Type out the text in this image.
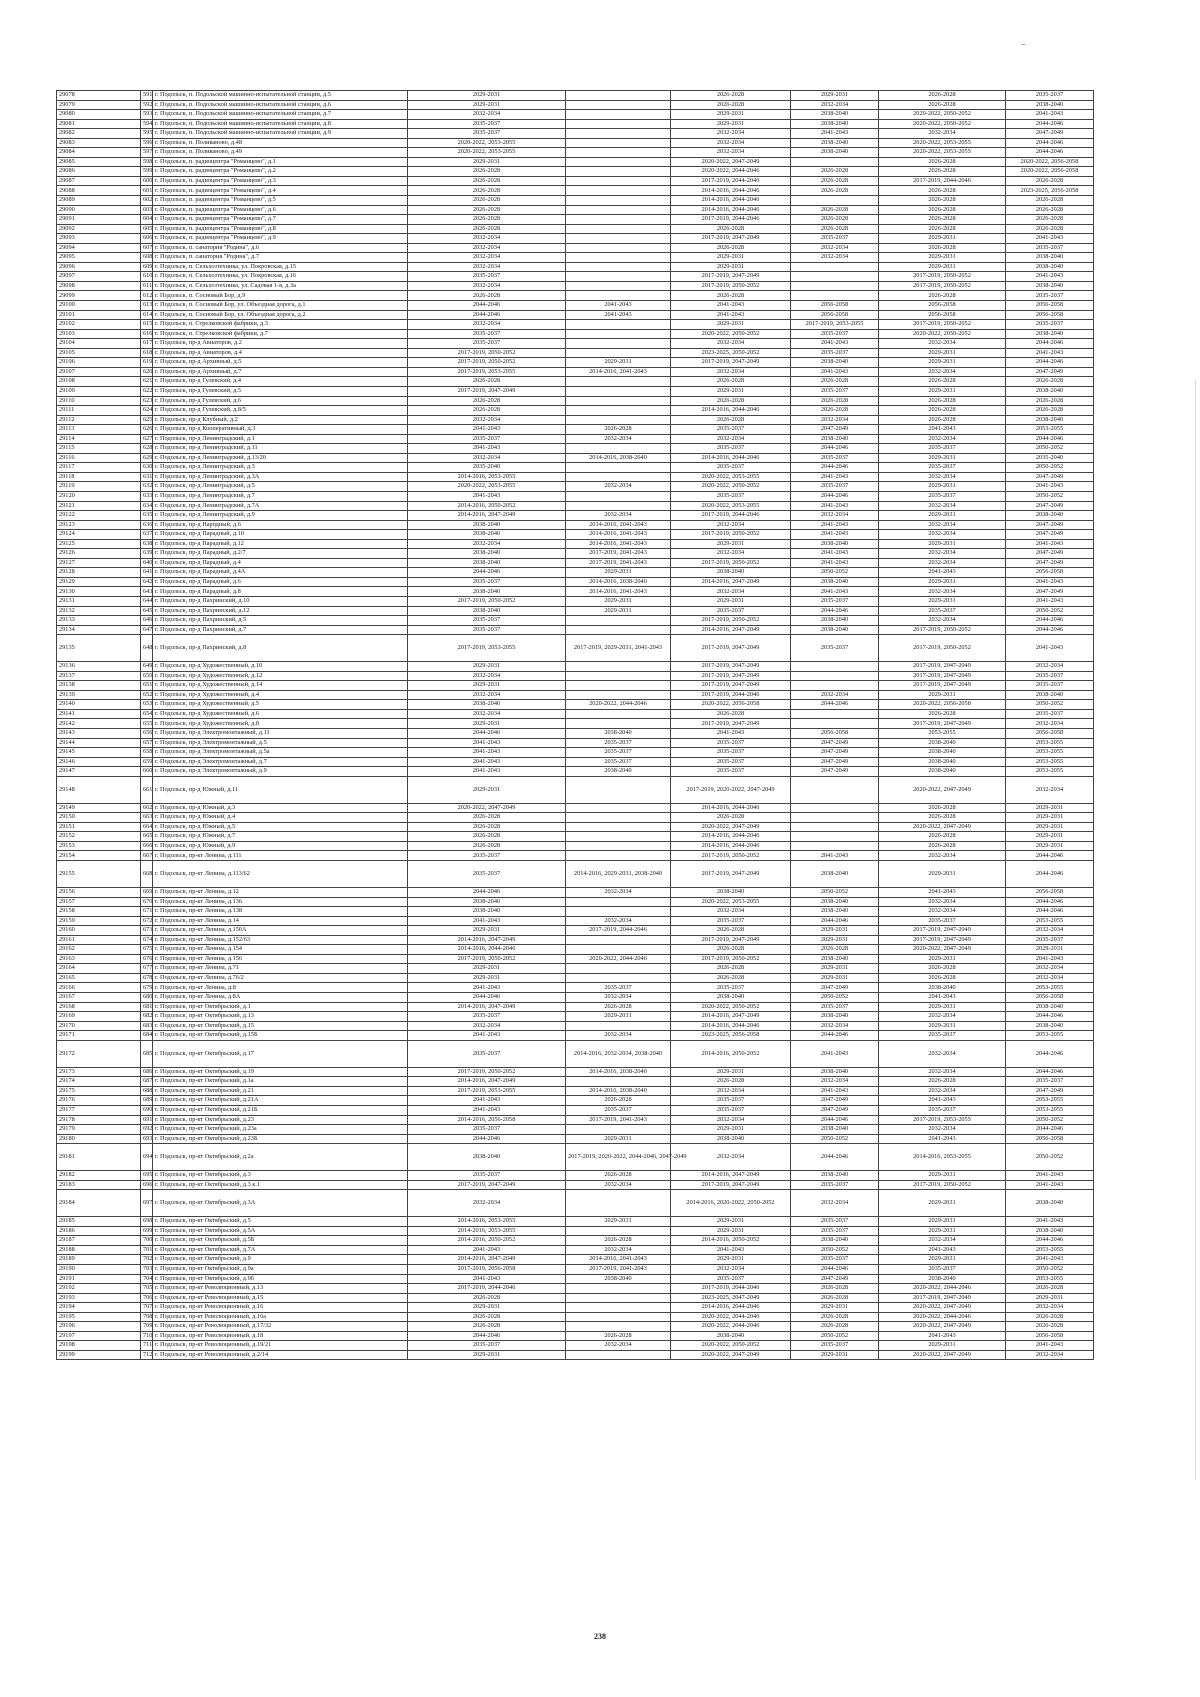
29078	591	г. Подольск, п. Подольской машинно-испытательной станции, д.5	2029-2031		2026-2028	2029-2031	2026-2028	2035-2037
29079	592	г. Подольск, п. Подольской машинно-испытательной станции, д.6	2029-2031		2026-2028	2032-2034	2026-2028	2038-2040
29080	593	г. Подольск, п. Подольской машинно-испытательной станции, д.7	2032-2034		2029-2031	2038-2040	2020-2022, 2050-2052	2041-2043
29081	594	г. Подольск, п. Подольской машинно-испытательной станции, д.8	2035-2037		2029-2031	2038-2040	2020-2022, 2050-2052	2044-2046
29082	595	г. Подольск, п. Подольской машинно-испытательной станции, д.9	2035-2037		2032-2034	2041-2043	2032-2034	2047-2049
29083	596	г. Подольск, п. Поливаново, д.48	2020-2022, 2053-2055		2032-2034	2038-2040	2020-2022, 2053-2055	2044-2046
29084	597	г. Подольск, п. Поливаново, д.49	2020-2022, 2053-2055		2032-2034	2038-2040	2020-2022, 2053-2055	2044-2046
29085	598	г. Подольск, п. радиоцентра "Романцево", д.1	2029-2031		2020-2022, 2047-2049		2026-2028	2020-2022, 2056-2058
29086	599	г. Подольск, п. радиоцентра "Романцево", д.2	2026-2028		2020-2022, 2044-2046	2026-2028	2026-2028	2020-2022, 2056-2058
29087	600	г. Подольск, п. радиоцентра "Романцево", д.3	2026-2028		2017-2019, 2044-2046	2026-2028	2017-2019, 2044-2046	2026-2028
29088	601	г. Подольск, п. радиоцентра "Романцево", д.4	2026-2028		2014-2016, 2044-2046	2026-2028	2026-2028	2023-2025, 2056-2058
29089	602	г. Подольск, п. радиоцентра "Романцево", д.5	2026-2028		2014-2016, 2044-2046		2026-2028	2026-2028
29090	603	г. Подольск, п. радиоцентра "Романцево", д.6	2026-2028		2014-2016, 2044-2046	2026-2028	2026-2028	2026-2028
29091	604	г. Подольск, п. радиоцентра "Романцево", д.7	2026-2028		2017-2019, 2044-2046	2026-2028	2026-2028	2026-2028
29092	605	г. Подольск, п. радиоцентра "Романцево", д.8	2026-2028		2026-2028	2026-2028	2026-2028	2026-2028
29093	606	г. Подольск, п. радиоцентра "Романцево", д.9	2032-2034		2017-2019, 2047-2049	2035-2037	2029-2031	2041-2043
29094	607	г. Подольск, п. санатория "Родина", д.6	2032-2034		2026-2028	2032-2034	2026-2028	2035-2037
29095	608	г. Подольск, п. санатория "Родина", д.7	2032-2034		2029-2031	2032-2034	2029-2031	2038-2040
29096	609	г. Подольск, п. Сельхозтехника, ул. Покровская, д.15	2032-2034		2029-2031		2029-2031	2038-2040
29097	610	г. Подольск, п. Сельхозтехника, ул. Покровская, д.16	2035-2037		2017-2019, 2047-2049		2017-2019, 2050-2052	2041-2043
29098	611	г. Подольск, п. Сельхозтехника, ул. Садовая 1-я, д.3а	2032-2034		2017-2019, 2050-2052		2017-2019, 2050-2052	2038-2040
29099	612	г. Подольск, п. Сосновый Бор, д.9	2026-2028		2026-2028		2026-2028	2035-2037
29100	613	г. Подольск, п. Сосновый Бор, ул. Объездная дорога, д.1	2044-2046	2041-2043	2041-2043	2056-2058	2056-2058	2056-2058
29101	614	г. Подольск, п. Сосновый Бор, ул. Объездная дорога, д.2	2044-2046	2041-2043	2041-2043	2056-2058	2056-2058	2056-2058
29102	615	г. Подольск, п. Стрелковской фабрики, д.3	2032-2034		2029-2031	2017-2019, 2053-2055	2017-2019, 2050-2052	2035-2037
29103	616	г. Подольск, п. Стрелковской фабрики, д.7	2035-2037		2020-2022, 2050-2052	2035-2037	2020-2022, 2050-2052	2038-2040
29104	617	г. Подольск, пр-д Авиаторов, д.2	2035-2037		2032-2034	2041-2043	2032-2034	2044-2046
29105	618	г. Подольск, пр-д Авиаторов, д.4	2017-2019, 2050-2052		2023-2025, 2050-2052	2035-2037	2029-2031	2041-2043
29106	619	г. Подольск, пр-д Архивный, д.5	2017-2019, 2050-2052	2029-2031	2017-2019, 2047-2049	2038-2040	2029-2031	2044-2046
29107	620	г. Подольск, пр-д Архивный, д.7	2017-2019, 2053-2055	2014-2016, 2041-2043	2032-2034	2041-2043	2032-2034	2047-2049
29108	621	г. Подольск, пр-д Гулевский, д.4	2026-2028		2026-2028	2026-2028	2026-2028	2026-2028
29109	622	г. Подольск, пр-д Гулевский, д.5	2017-2019, 2047-2049		2029-2031	2035-2037	2029-2031	2038-2040
29110	623	г. Подольск, пр-д Гулевский, д.6	2026-2028		2026-2028	2026-2028	2026-2028	2026-2028
29111	624	г. Подольск, пр-д Гулевский, д.8/5	2026-2028		2014-2016, 2044-2046	2026-2028	2026-2028	2026-2028
29112	625	г. Подольск, пр-д Клубный, д.2	2032-2034		2026-2028	2032-2034	2026-2028	2038-2040
29113	626	г. Подольск, пр-д Кооперативный, д.3	2041-2043	2026-2028	2035-2037	2047-2049	2041-2043	2053-2055
29114	627	г. Подольск, пр-д Ленинградский, д.1	2035-2037	2032-2034	2032-2034	2038-2040	2032-2034	2044-2046
29115	628	г. Подольск, пр-д Ленинградский, д.11	2041-2043		2035-2037	2044-2046	2035-2037	2050-2052
29116	629	г. Подольск, пр-д Ленинградский, д.13/20	2032-2034	2014-2016, 2038-2040	2014-2016, 2044-2046	2035-2037	2029-2031	2035-2040
29117	630	г. Подольск, пр-д Ленинградский, д.3	2035-2040		2035-2037	2044-2046	2035-2037	2050-2052
29118	631	г. Подольск, пр-д Ленинградский, д.3А	2014-2016, 2053-2055		2020-2022, 2053-2055	2041-2043	2032-2034	2047-2049
29119	632	г. Подольск, пр-д Ленинградский, д.5	2020-2022, 2053-2055	2032-2034	2020-2022, 2050-2052	2035-2037	2029-2031	2041-2043
29120	633	г. Подольск, пр-д Ленинградский, д.7	2041-2043		2035-2037	2044-2046	2035-2037	2050-2052
29121	634	г. Подольск, пр-д Ленинградский, д.7А	2014-2016, 2050-2052		2020-2022, 2053-2055	2041-2043	2032-2034	2047-2049
29122	635	г. Подольск, пр-д Ленинградский, д.9	2014-2016, 2047-2049	2032-2034	2017-2019, 2044-2046	2032-2034	2029-2031	2038-2040
29123	636	г. Подольск, пр-д Народный, д.6	2038-2040	2014-2016, 2041-2043	2032-2034	2041-2043	2032-2034	2047-2049
29124	637	г. Подольск, пр-д Парадный, д.10	2038-2040	2014-2016, 2041-2043	2017-2019, 2050-2052	2041-2043	2032-2034	2047-2049
29125	638	г. Подольск, пр-д Парадный, д.12	2032-2034	2014-2016, 2041-2043	2029-2031	2038-2040	2029-2031	2041-2043
29126	639	г. Подольск, пр-д Парадный, д.2/7	2038-2040	2017-2019, 2041-2043	2032-2034	2041-2043	2032-2034	2047-2049
29127	640	г. Подольск, пр-д Парадный, д.4	2038-2040	2017-2019, 2041-2043	2017-2019, 2050-2052	2041-2043	2032-2034	2047-2049
29128	641	г. Подольск, пр-д Парадный, д.4А	2044-2046	2029-2031	2038-2040	2050-2052	2041-2043	2056-2058
29129	642	г. Подольск, пр-д Парадный, д.6	2035-2037	2014-2016, 2038-2040	2014-2016, 2047-2049	2038-2040	2029-2031	2041-2043
29130	643	г. Подольск, пр-д Парадный, д.8	2038-2040	2014-2016, 2041-2043	2032-2034	2041-2043	2032-2034	2047-2049
29131	644	г. Подольск, пр-д Пахринский, д.10	2017-2019, 2050-2052	2029-2031	2029-2031	2035-2037	2029-2031	2041-2043
29132	645	г. Подольск, пр-д Пахринский, д.12	2038-2040	2029-2031	2035-2037	2044-2046	2035-2037	2050-2052
29133	646	г. Подольск, пр-д Пахринский, д.5	2035-2037		2017-2019, 2050-2052	2038-2040	2032-2034	2044-2046
29134	647	г. Подольск, пр-д Пахринский, д.7	2035-2037		2014-2016, 2047-2049	2038-2040	2017-2019, 2050-2052	2044-2046
29135	648	г. Подольск, пр-д Пахринский, д.8	2017-2019, 2053-2055	2017-2019, 2029-2031, 2041-2043	2017-2019, 2047-2049	2035-2037	2017-2019, 2050-2052	2041-2043
29136	649	г. Подольск, пр-д Художественный, д.10	2029-2031		2017-2019, 2047-2049		2017-2019, 2047-2049	2032-2034
29137	650	г. Подольск, пр-д Художественный, д.12	2032-2034		2017-2019, 2047-2049		2017-2019, 2047-2049	2035-2037
29138	651	г. Подольск, пр-д Художественный, д.14	2029-2031		2017-2019, 2047-2049		2017-2019, 2047-2049	2035-2037
29139	652	г. Подольск, пр-д Художественный, д.4	2032-2034		2017-2019, 2044-2046	2032-2034	2029-2031	2038-2040
29140	653	г. Подольск, пр-д Художественный, д.5	2038-2040	2020-2022, 2044-2046	2020-2022, 2056-2058	2044-2046	2020-2022, 2056-2058	2050-2052
29141	654	г. Подольск, пр-д Художественный, д.6	2032-2034		2026-2028		2026-2028	2035-2037
29142	655	г. Подольск, пр-д Художественный, д.8	2029-2031		2017-2019, 2047-2049		2017-2019, 2047-2049	2032-2034
29143	656	г. Подольск, пр-д Электромонтажный, д.11	2044-2046	2038-2040	2041-2043	2056-2058	2053-2055	2056-2058
29144	657	г. Подольск, пр-д Электромонтажный, д.5	2041-2043	2035-2037	2035-2037	2047-2049	2038-2040	2053-2055
29145	658	г. Подольск, пр-д Электромонтажный, д.5а	2041-2043	2035-2037	2035-2037	2047-2049	2038-2040	2053-2055
29146	659	г. Подольск, пр-д Электромонтажный, д.7	2041-2043	2035-2037	2035-2037	2047-2049	2038-2040	2053-2055
29147	660	г. Подольск, пр-д Электромонтажный, д.9	2041-2043	2038-2040	2035-2037	2047-2049	2038-2040	2053-2055
29148	661	г. Подольск, пр-д Южный, д.11	2029-2031		2017-2019, 2020-2022, 2047-2049		2020-2022, 2047-2049	2032-2034
29149	662	г. Подольск, пр-д Южный, д.3	2020-2022, 2047-2049		2014-2016, 2044-2046		2026-2028	2029-2031
29150	663	г. Подольск, пр-д Южный, д.4	2026-2028		2026-2028		2026-2028	2029-2031
29151	664	г. Подольск, пр-д Южный, д.5	2026-2028		2020-2022, 2047-2049		2020-2022, 2047-2049	2029-2031
29152	665	г. Подольск, пр-д Южный, д.7	2026-2028		2014-2016, 2044-2046		2026-2028	2029-2031
29153	666	г. Подольск, пр-д Южный, д.9	2026-2028		2014-2016, 2044-2046		2026-2028	2029-2031
29154	667	г. Подольск, пр-кт Ленина, д.111	2035-2037		2017-2019, 2050-2052	2041-2043	2032-2034	2044-2046
29155	668	г. Подольск, пр-кт Ленина, д.113/62	2035-2037	2014-2016, 2029-2031, 2038-2040	2017-2019, 2047-2049	2038-2040	2029-2031	2044-2046
29156	669	г. Подольск, пр-кт Ленина, д.12	2044-2046	2032-2034	2038-2040	2050-2052	2041-2043	2056-2058
29157	670	г. Подольск, пр-кт Ленина, д.136	2038-2040		2020-2022, 2053-2055	2038-2040	2032-2034	2044-2046
29158	671	г. Подольск, пр-кт Ленина, д.138	2038-2040		2032-2034	2038-2040	2032-2034	2044-2046
29159	672	г. Подольск, пр-кт Ленина, д.14	2041-2043	2032-2034	2035-2037	2044-2046	2035-2037	2053-2055
29160	673	г. Подольск, пр-кт Ленина, д.150А	2029-2031	2017-2019, 2044-2046	2026-2028	2029-2031	2017-2019, 2047-2049	2032-2034
29161	674	г. Подольск, пр-кт Ленина, д.152/63	2014-2016, 2047-2049		2017-2019, 2047-2049	2029-2031	2017-2019, 2047-2049	2035-2037
29162	675	г. Подольск, пр-кт Ленина, д.154	2014-2016, 2044-2046		2026-2028	2026-2028	2020-2022, 2047-2049	2029-2031
29163	676	г. Подольск, пр-кт Ленина, д.156	2017-2019, 2050-2052	2020-2022, 2044-2046	2017-2019, 2050-2052	2038-2040	2029-2031	2041-2043
29164	677	г. Подольск, пр-кт Ленина, д.71	2029-2031		2026-2028	2029-2031	2026-2028	2032-2034
29165	678	г. Подольск, пр-кт Ленина, д.76/2	2029-2031		2026-2028	2029-2031	2026-2028	2032-2034
29166	679	г. Подольск, пр-кт Ленина, д.8	2041-2043	2035-2037	2035-2037	2047-2049	2038-2040	2053-2055
29167	680	г. Подольск, пр-кт Ленина, д.8А	2044-2046	2032-2034	2038-2040	2050-2052	2041-2043	2056-2058
29168	681	г. Подольск, пр-кт Октябрьский, д.1	2014-2016, 2047-2049	2026-2028	2020-2022, 2050-2052	2035-2037	2029-2031	2038-2040
29169	682	г. Подольск, пр-кт Октябрьский, д.13	2035-2037	2029-2031	2014-2016, 2047-2049	2038-2040	2032-2034	2044-2046
29170	683	г. Подольск, пр-кт Октябрьский, д.15	2032-2034		2014-2016, 2044-2046	2032-2034	2029-2031	2038-2040
29171	684	г. Подольск, пр-кт Октябрьский, д.15Б	2041-2043	2032-2034	2023-2025, 2056-2058	2044-2046	2035-2037	2053-2055
29172	685	г. Подольск, пр-кт Октябрьский, д.17	2035-2037	2014-2016, 2032-2034, 2038-2040	2014-2016, 2050-2052	2041-2043	2032-2034	2044-2046
29173	686	г. Подольск, пр-кт Октябрьский, д.19	2017-2019, 2050-2052	2014-2016, 2038-2040	2029-2031	2038-2040	2032-2034	2044-2046
29174	687	г. Подольск, пр-кт Октябрьский, д.1а	2014-2016, 2047-2049		2026-2028	2032-2034	2026-2028	2035-2037
29175	688	г. Подольск, пр-кт Октябрьский, д.21	2017-2019, 2053-2055	2014-2016, 2038-2040	2032-2034	2041-2043	2032-2034	2047-2049
29176	689	г. Подольск, пр-кт Октябрьский, д.21А	2041-2043	2026-2028	2035-2037	2047-2049	2041-2043	2053-2055
29177	690	г. Подольск, пр-кт Октябрьский, д.21Б	2041-2043	2035-2037	2035-2037	2047-2049	2035-2037	2053-2055
29178	691	г. Подольск, пр-кт Октябрьский, д.23	2014-2016, 2056-2058	2017-2019, 2041-2043	2032-2034	2044-2046	2017-2019, 2053-2055	2050-2052
29179	692	г. Подольск, пр-кт Октябрьский, д.23а	2035-2037		2029-2031	2038-2040	2032-2034	2044-2046
29180	693	г. Подольск, пр-кт Октябрьский, д.23Б	2044-2046	2029-2031	2038-2040	2050-2052	2041-2043	2056-2058
29181	694	г. Подольск, пр-кт Октябрьский, д.2а	2038-2040	2017-2019, 2020-2022, 2044-2046, 2047-2049	2032-2034	2044-2046	2014-2016, 2053-2055	2050-2052
29182	695	г. Подольск, пр-кт Октябрьский, д.3	2035-2037	2026-2028	2014-2016, 2047-2049	2038-2040	2029-2031	2041-2043
29183	696	г. Подольск, пр-кт Октябрьский, д.3 к.1	2017-2019, 2047-2049	2032-2034	2017-2019, 2047-2049	2035-2037	2017-2019, 2050-2052	2041-2043
29184	697	г. Подольск, пр-кт Октябрьский, д.3А	2032-2034		2014-2016, 2020-2022, 2050-2052	2032-2034	2029-2031	2038-2040
29185	698	г. Подольск, пр-кт Октябрьский, д.5	2014-2016, 2053-2055	2029-2031	2029-2031	2035-2037	2029-2031	2041-2043
29186	699	г. Подольск, пр-кт Октябрьский, д.5А	2014-2016, 2053-2055		2029-2031	2035-2037	2029-2031	2038-2040
29187	700	г. Подольск, пр-кт Октябрьский, д.5Б	2014-2016, 2050-2052	2026-2028	2014-2016, 2050-2052	2038-2040	2032-2034	2044-2046
29188	701	г. Подольск, пр-кт Октябрьский, д.7А	2041-2043	2032-2034	2041-2043	2050-2052	2041-2043	2053-2055
29189	702	г. Подольск, пр-кт Октябрьский, д.9	2014-2016, 2047-2049	2014-2016, 2041-2043	2029-2031	2035-2037	2029-2031	2041-2043
29190	703	г. Подольск, пр-кт Октябрьский, д.9а	2017-2019, 2056-2058	2017-2019, 2041-2043	2032-2034	2044-2046	2035-2037	2050-2052
29191	704	г. Подольск, пр-кт Октябрьский, д.9б	2041-2043	2038-2040	2035-2037	2047-2049	2038-2040	2053-2055
29192	705	г. Подольск, пр-кт Революционный, д.13	2017-2019, 2044-2046		2017-2019, 2044-2046	2026-2028	2020-2022, 2044-2046	2026-2028
29193	706	г. Подольск, пр-кт Революционный, д.15	2026-2028		2023-2025, 2047-2049	2026-2028	2017-2019, 2047-2049	2029-2031
29194	707	г. Подольск, пр-кт Революционный, д.16	2029-2031		2014-2016, 2044-2046	2029-2031	2020-2022, 2047-2049	2032-2034
29195	708	г. Подольск, пр-кт Революционный, д.16а	2026-2028		2020-2022, 2044-2046	2026-2028	2020-2022, 2044-2046	2026-2028
29196	709	г. Подольск, пр-кт Революционный, д.17/32	2026-2028		2020-2022, 2044-2046	2026-2028	2020-2022, 2047-2049	2026-2028
29197	710	г. Подольск, пр-кт Революционный, д.18	2044-2046	2026-2028	2038-2040	2050-2052	2041-2043	2056-2058
29198	711	г. Подольск, пр-кт Революционный, д.19/21	2035-2037	2032-2034	2020-2022, 2050-2052	2035-2037	2029-2031	2041-2043
29199	712	г. Подольск, пр-кт Революционный, д.2/14	2029-2031		2020-2022, 2047-2049	2029-2031	2020-2022, 2047-2049	2032-2034
238
